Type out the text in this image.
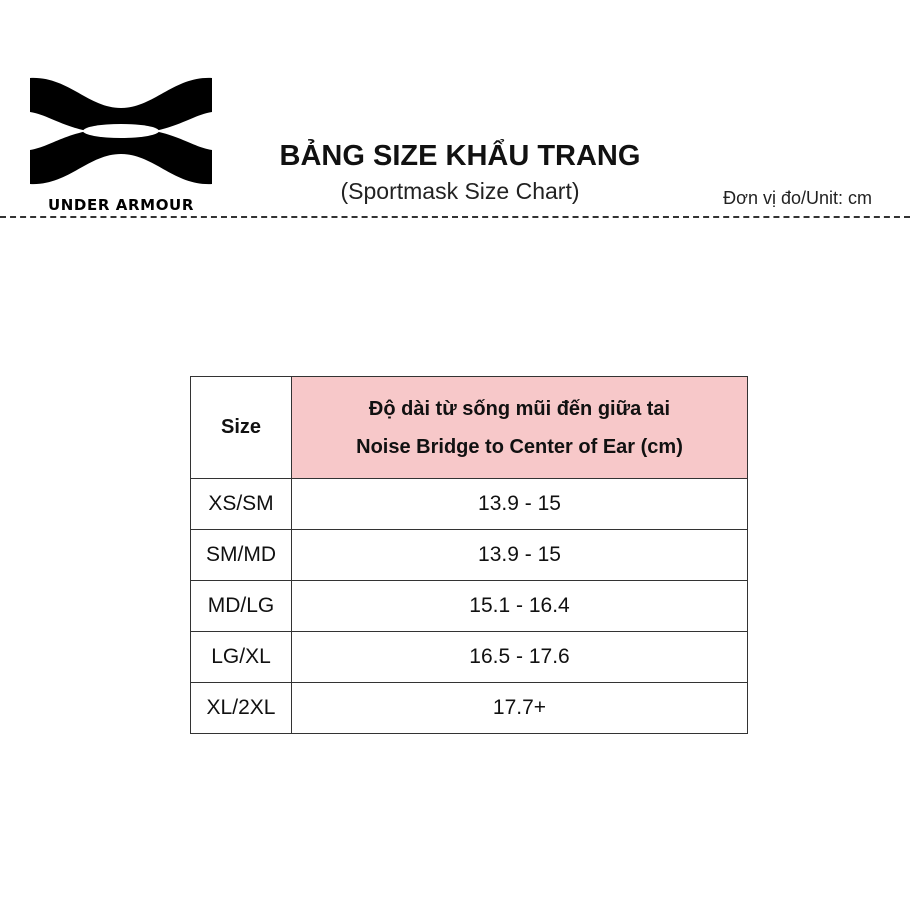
UNDER ARMOUR
BẢNG SIZE KHẨU TRANG
(Sportmask Size Chart)	Đơn vị đo/Unit: cm
Size	Độ dài từ sống mũi đến giữa tai
Noise Bridge to Center of Ear (cm)

XS/SM	13.9 - 15
SM/MD	13.9 - 15
MD/LG	15.1 - 16.4
LG/XL	16.5 - 17.6
XL/2XL	17.7+
